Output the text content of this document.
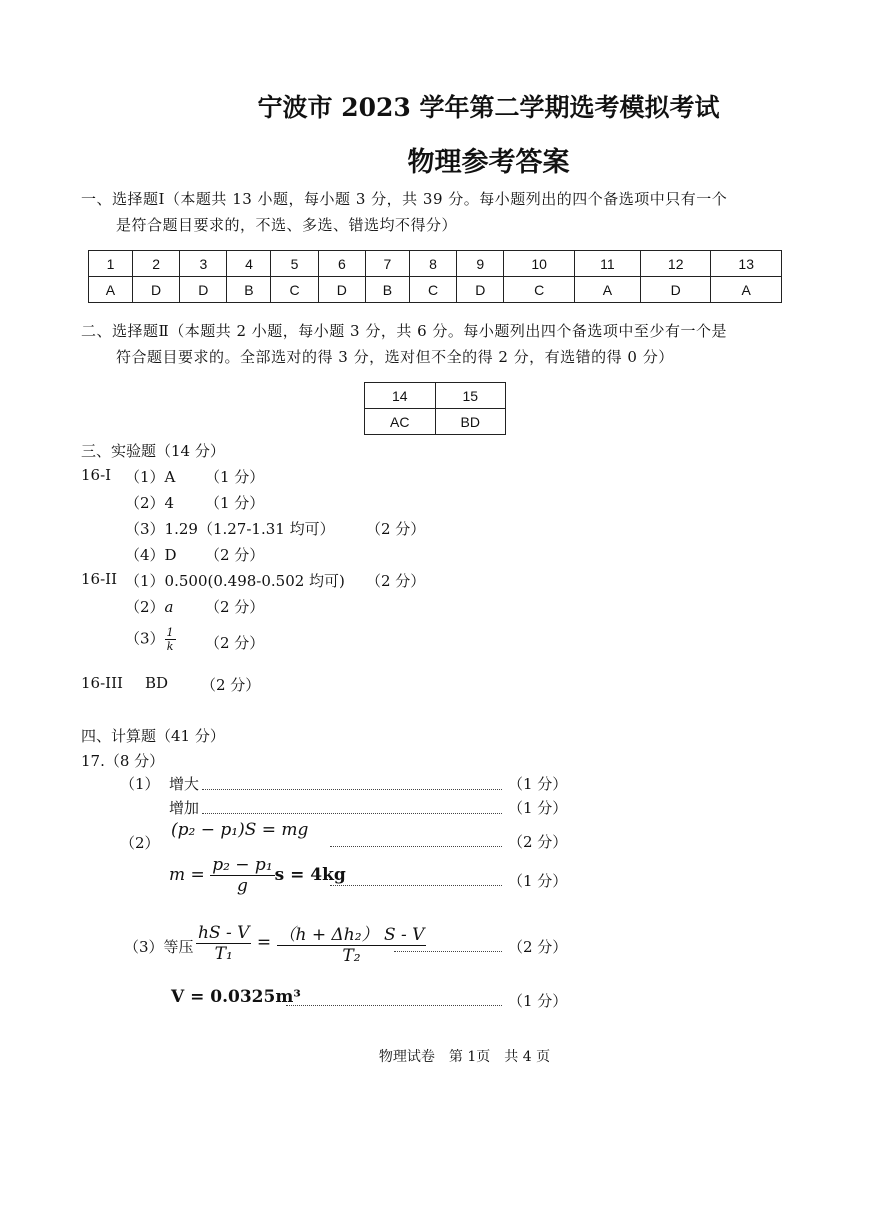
宁波市 2023 学年第二学期选考模拟考试
物理参考答案
一、选择题Ⅰ（本题共 13 小题，每小题 3 分，共 39 分。每小题列出的四个备选项中只有一个
是符合题目要求的，不选、多选、错选均不得分）
1	2	3	4	5	6	7	8	9	10	11	12	13
A	D	D	B	C	D	B	C	D	C	A	D	A
二、选择题Ⅱ（本题共 2 小题，每小题 3 分，共 6 分。每小题列出四个备选项中至少有一个是
符合题目要求的。全部选对的得 3 分，选对但不全的得 2 分，有选错的得 0 分）
14	15
AC	BD
三、实验题（14 分）
16-I （1）A （1 分）
（2）4 （1 分）
（3）1.29（1.27-1.31 均可） （2 分）
（4）D （2 分）
16-II （1）0.500(0.498-0.502 均可) （2 分）
（2）a （2 分）
$(3) \frac{1}{k} (2$ 分）
16-III BD （2 分）
四、计算题（41 分）
17.（8 分）
（1） 增大	（1 分）
增加	（1 分）
（2）
(p₂ − p₁)S = mg
（2 分）
$m = \frac{\text{p₂ − p₁}}{g}$ s = 4kg	（1 分）
（3）等压 $\frac{hS - V}{\text{T₁}} = \frac{\text{（h + Δh₂） S - V}}{\text{T₂}}$	（2 分）
V = 0.0325m³	（1 分）
物理试卷　第 1页　共 4 页
